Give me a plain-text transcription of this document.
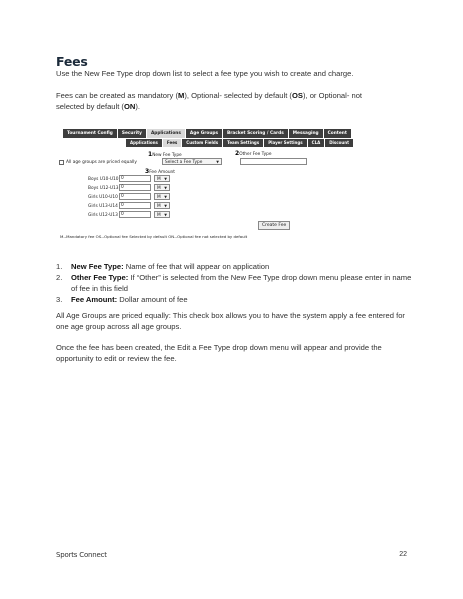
Fees
Use the New Fee Type drop down list to select a fee type you wish to create and charge.
Fees can be created as mandatory (M), Optional- selected by default (OS), or Optional- not
selected by default (ON).
Tournament Config	Security	Applications	Age Groups	Bracket Scoring / Cards	Messaging	Content
Applications	Fees	Custom Fields	Team Settings	Player Settings	CLA	Discount
1New Fee Type
Select a Fee Type	▼
2Other Fee Type
All age groups are priced equally
3Fee Amount
Boys U10-U10 0	M ▼
Boys U12-U13 0	M ▼
Girls U10-U10 0	M ▼
Girls U13-U14 0	M ▼
Girls U12-U13 0	M ▼
Create Fee
M--Mandatory fee OS--Optional fee Selected by default ON--Optional fee not selected by default
1. New Fee Type: Name of fee that will appear on application
2. Other Fee Type: If “Other” is selected from the New Fee Type drop down menu please enter in name of fee in this field
3. Fee Amount: Dollar amount of fee
All Age Groups are priced equally: This check box allows you to have the system apply a fee entered for one age group across all age groups.
Once the fee has been created, the Edit a Fee Type drop down menu will appear and provide the opportunity to edit or review the fee.
Sports Connect	22
